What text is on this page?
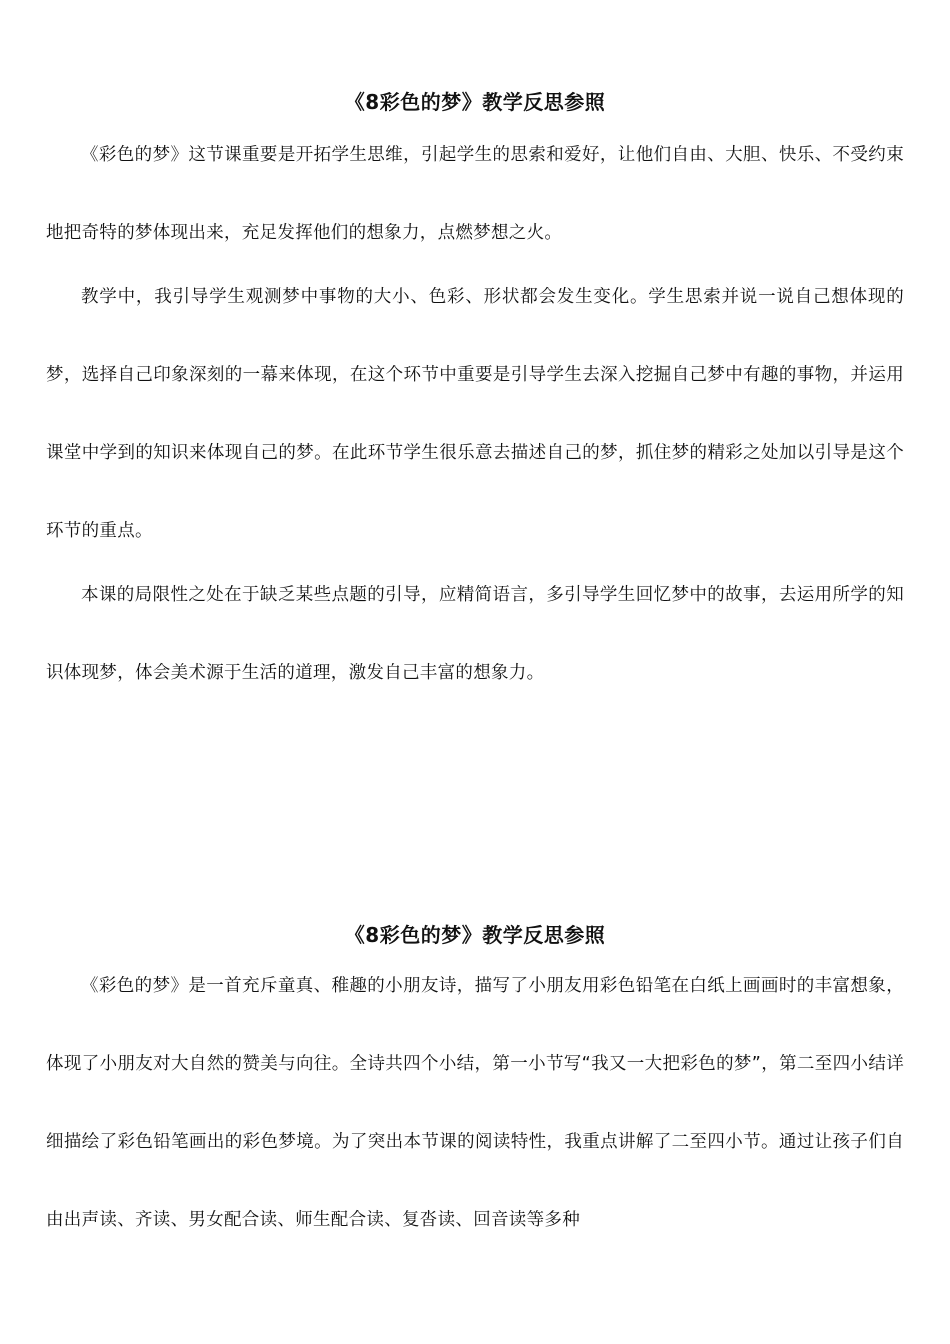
《8彩色的梦》教学反思参照

《彩色的梦》这节课重要是开拓学生思维，引起学生的思索和爱好，让他们自由、大胆、快乐、不受约束地把奇特的梦体现出来，充足发挥他们的想象力，点燃梦想之火。

教学中，我引导学生观测梦中事物的大小、色彩、形状都会发生变化。学生思索并说一说自己想体现的梦，选择自己印象深刻的一幕来体现，在这个环节中重要是引导学生去深入挖掘自己梦中有趣的事物，并运用课堂中学到的知识来体现自己的梦。在此环节学生很乐意去描述自己的梦，抓住梦的精彩之处加以引导是这个环节的重点。

本课的局限性之处在于缺乏某些点题的引导，应精简语言，多引导学生回忆梦中的故事，去运用所学的知识体现梦，体会美术源于生活的道理，激发自己丰富的想象力。

《8彩色的梦》教学反思参照

《彩色的梦》是一首充斥童真、稚趣的小朋友诗，描写了小朋友用彩色铅笔在白纸上画画时的丰富想象，体现了小朋友对大自然的赞美与向往。全诗共四个小结，第一小节写“我又一大把彩色的梦”，第二至四小结详细描绘了彩色铅笔画出的彩色梦境。为了突出本节课的阅读特性，我重点讲解了二至四小节。通过让孩子们自由出声读、齐读、男女配合读、师生配合读、复沓读、回音读等多种
